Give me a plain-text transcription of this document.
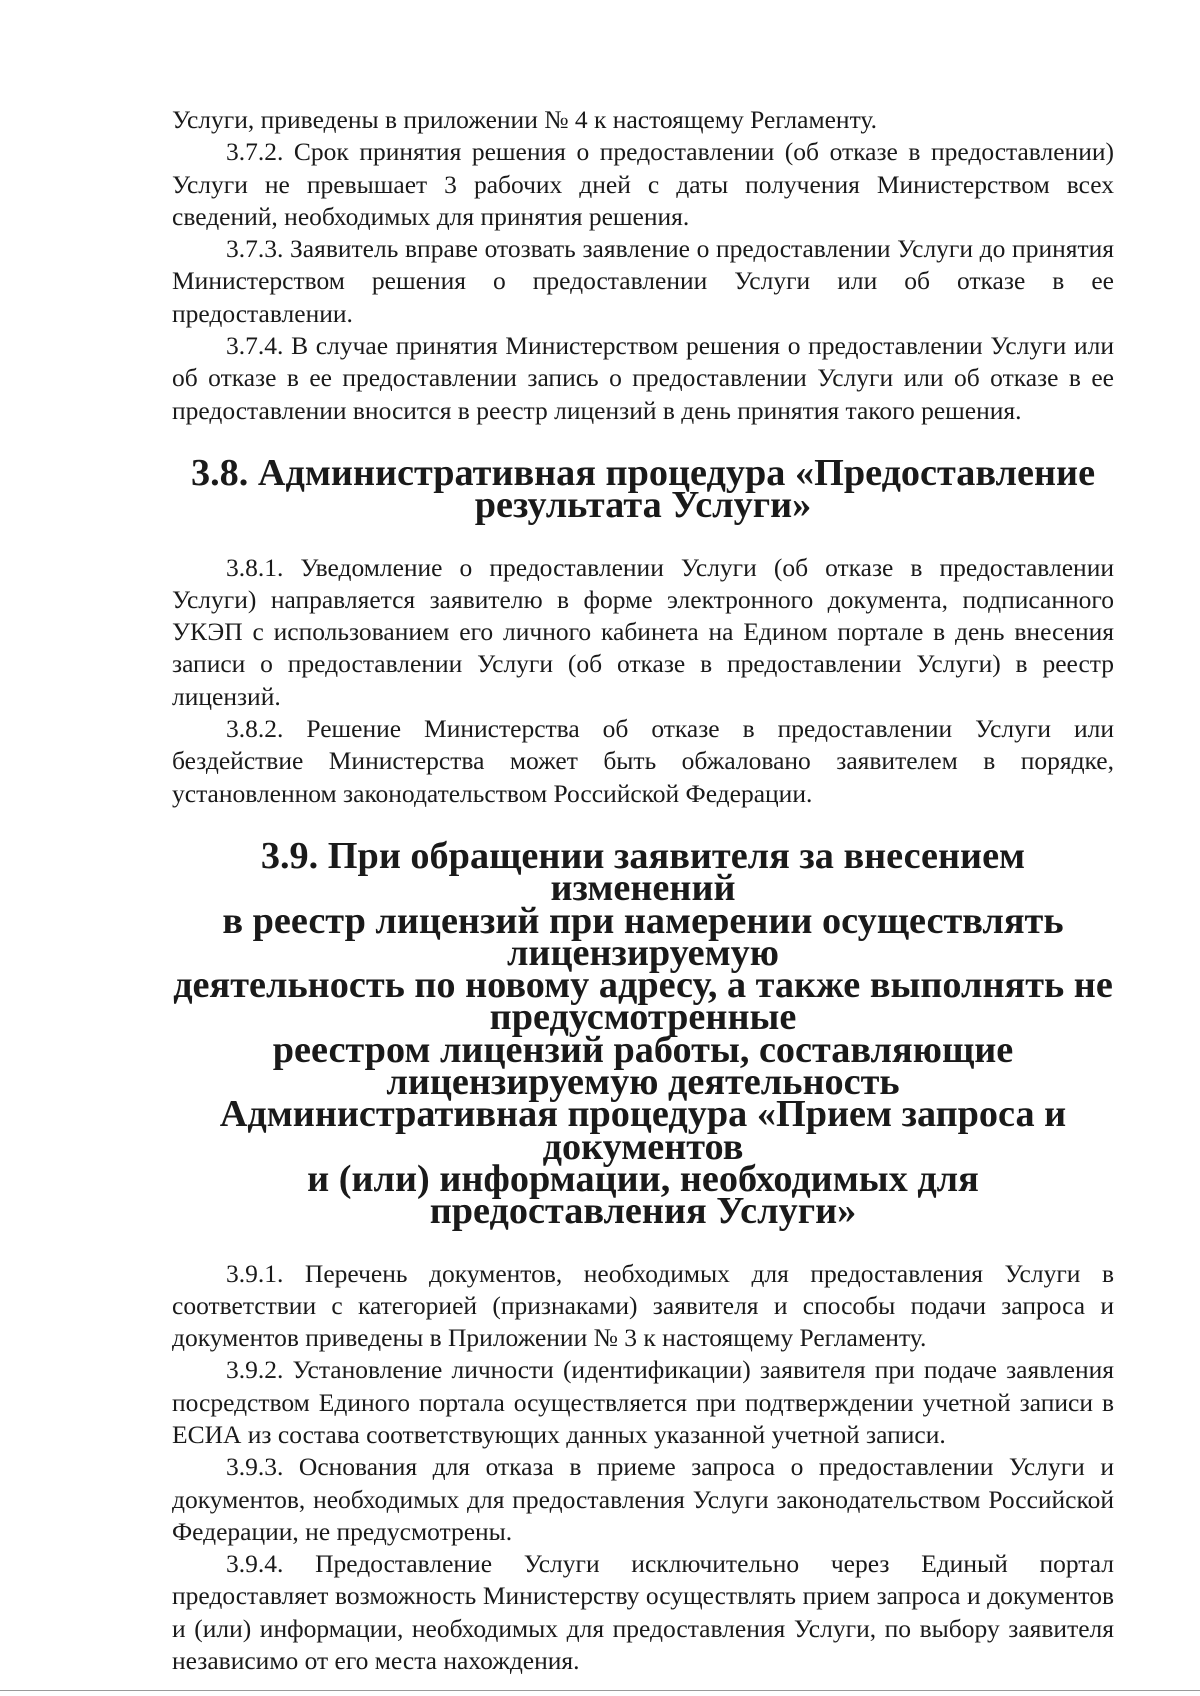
Услуги, приведены в приложении № 4 к настоящему Регламенту.

3.7.2. Срок принятия решения о предоставлении (об отказе в предоставлении) Услуги не превышает 3 рабочих дней с даты получения Министерством всех сведений, необходимых для принятия решения.

3.7.3. Заявитель вправе отозвать заявление о предоставлении Услуги до принятия Министерством решения о предоставлении Услуги или об отказе в ее предоставлении.

3.7.4. В случае принятия Министерством решения о предоставлении Услуги или об отказе в ее предоставлении запись о предоставлении Услуги или об отказе в ее предоставлении вносится в реестр лицензий в день принятия такого решения.

3.8. Административная процедура «Предоставление
результата Услуги»

3.8.1. Уведомление о предоставлении Услуги (об отказе в предоставлении Услуги) направляется заявителю в форме электронного документа, подписанного УКЭП с использованием его личного кабинета на Едином портале в день внесения записи о предоставлении Услуги (об отказе в предоставлении Услуги) в реестр лицензий.

3.8.2. Решение Министерства об отказе в предоставлении Услуги или бездействие Министерства может быть обжаловано заявителем в порядке, установленном законодательством Российской Федерации.

3.9. При обращении заявителя за внесением изменений
в реестр лицензий при намерении осуществлять лицензируемую
деятельность по новому адресу, а также выполнять не предусмотренные
реестром лицензий работы, составляющие лицензируемую деятельность
Административная процедура «Прием запроса и документов
и (или) информации, необходимых для предоставления Услуги»

3.9.1. Перечень документов, необходимых для предоставления Услуги в соответствии с категорией (признаками) заявителя и способы подачи запроса и документов приведены в Приложении № 3 к настоящему Регламенту.

3.9.2. Установление личности (идентификации) заявителя при подаче заявления посредством Единого портала осуществляется при подтверждении учетной записи в ЕСИА из состава соответствующих данных указанной учетной записи.

3.9.3. Основания для отказа в приеме запроса о предоставлении Услуги и документов, необходимых для предоставления Услуги законодательством Российской Федерации, не предусмотрены.

3.9.4. Предоставление Услуги исключительно через Единый портал предоставляет возможность Министерству осуществлять прием запроса и документов и (или) информации, необходимых для предоставления Услуги, по выбору заявителя независимо от его места нахождения.
